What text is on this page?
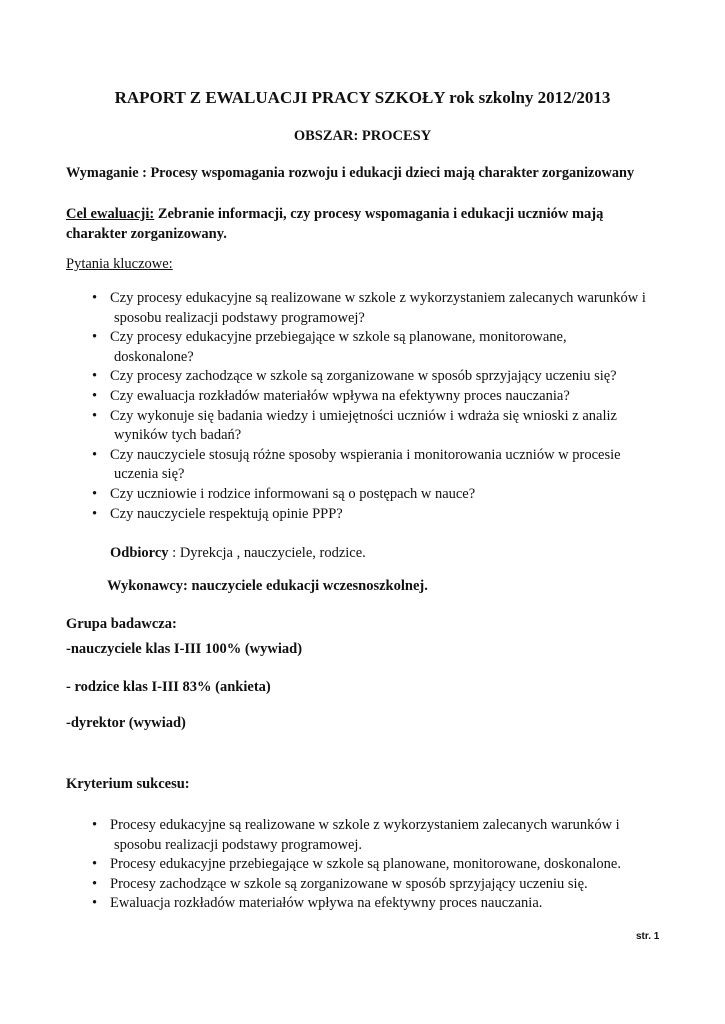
RAPORT Z EWALUACJI PRACY SZKOŁY rok szkolny 2012/2013
OBSZAR: PROCESY
Wymaganie : Procesy wspomagania rozwoju i edukacji dzieci mają charakter zorganizowany
Cel ewaluacji: Zebranie informacji, czy procesy wspomagania i edukacji uczniów mają charakter zorganizowany.
Pytania kluczowe:
• Czy procesy edukacyjne są realizowane w szkole z wykorzystaniem zalecanych warunków i
sposobu realizacji podstawy programowej?
• Czy procesy edukacyjne przebiegające w szkole są planowane, monitorowane,
doskonalone?
• Czy procesy zachodzące w szkole są zorganizowane w sposób sprzyjający uczeniu się?
• Czy ewaluacja rozkładów materiałów wpływa na efektywny proces nauczania?
• Czy wykonuje się badania wiedzy i umiejętności uczniów i wdraża się wnioski z analiz
wyników tych badań?
• Czy nauczyciele stosują różne sposoby wspierania i monitorowania uczniów w procesie
uczenia się?
• Czy uczniowie i rodzice informowani są o postępach w nauce?
• Czy nauczyciele respektują opinie PPP?
Odbiorcy : Dyrekcja , nauczyciele, rodzice.
Wykonawcy: nauczyciele edukacji wczesnoszkolnej.
Grupa badawcza:
-nauczyciele klas I-III 100% (wywiad)
- rodzice klas I-III 83% (ankieta)
-dyrektor (wywiad)
Kryterium sukcesu:
• Procesy edukacyjne są realizowane w szkole z wykorzystaniem zalecanych warunków i
sposobu realizacji podstawy programowej.
• Procesy edukacyjne przebiegające w szkole są planowane, monitorowane, doskonalone.
• Procesy zachodzące w szkole są zorganizowane w sposób sprzyjający uczeniu się.
• Ewaluacja rozkładów materiałów wpływa na efektywny proces nauczania.
str. 1
